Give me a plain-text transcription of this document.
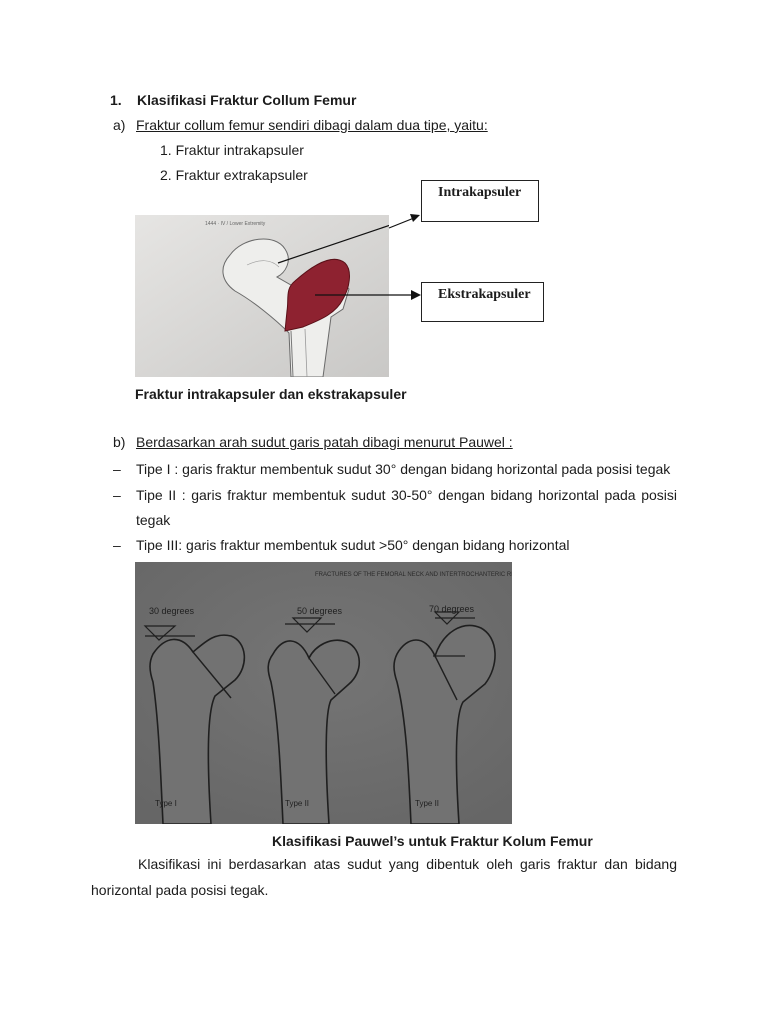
1. Klasifikasi Fraktur Collum Femur
a) Fraktur collum femur sendiri dibagi dalam dua tipe, yaitu:
1. Fraktur intrakapsuler
2. Fraktur extrakapsuler
1444 · IV / Lower Extremity
Intrakapsuler
Ekstrakapsuler
Fraktur intrakapsuler dan ekstrakapsuler
b) Berdasarkan arah sudut garis patah dibagi menurut Pauwel :
– Tipe I : garis fraktur membentuk sudut 30° dengan bidang horizontal pada posisi tegak
–	Tipe II : garis fraktur membentuk sudut 30-50° dengan bidang horizontal pada posisi
tegak
– Tipe III: garis fraktur membentuk sudut >50° dengan bidang horizontal
FRACTURES OF THE FEMORAL NECK AND INTERTROCHANTERIC REGION
30 degrees
Type I
50 degrees
Type II
70 degrees
Type II
Klasifikasi Pauwel’s untuk Fraktur Kolum Femur
Klasifikasi ini berdasarkan atas sudut yang dibentuk oleh garis fraktur dan bidang
horizontal pada posisi tegak.
